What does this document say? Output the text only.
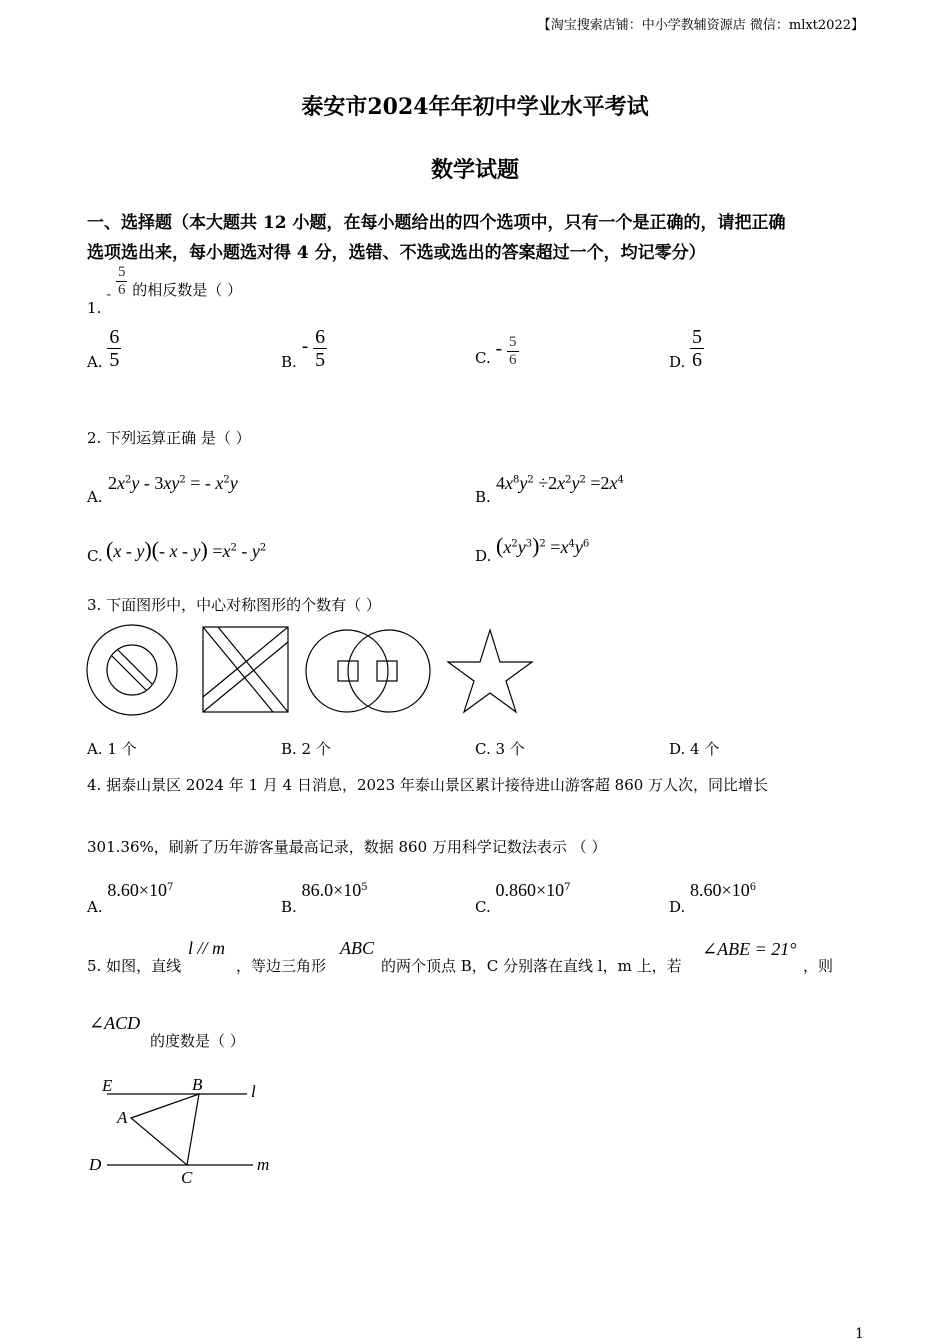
【淘宝搜索店铺：中小学教辅资源店 微信：mlxt2022】
泰安市2024年年初中学业水平考试
数学试题
一、选择题（本大题共 12 小题，在每小题给出的四个选项中，只有一个是正确的，请把正确
选项选出来，每小题选对得 4 分，选错、不选或选出的答案超过一个，均记零分）
1. - $\frac{5}{6}$ 的相反数是（ ）
A. $\frac{6}{5}$	B. - $\frac{6}{5}$	C. - $\frac{5}{6}$	D. $\frac{5}{6}$
2. 下列运算正确 是（ ）
A.
$2x^2y - 3xy^2$ = - $x^2y$
B.
$4x^8y^2 \div 2x^2y^2 =2x^4$
C. (x - y)(- $x - y) =x^2 - y^2$	D. $(x^2y^3)^2 =x^4y^6$
3. 下面图形中，中心对称图形的个数有（ ）
A. 1 个	B. 2 个	C. 3 个	D. 4 个
4. 据泰山景区 2024 年 1 月 4 日消息，2023 年泰山景区累计接待进山游客超 860 万人次，同比增长
301.36%，刷新了历年游客量最高记录，数据 860 万用科学记数法表示 （ ）
A. $8.60\times 10^7$
B. $86.0\times 10^5$
C. $0.860\times 10^7$
D. $8.60\times 10^6$
5. 如图，直线
l // m
，等边三角形
ABC
的两个顶点 B，C 分别落在直线 l，m 上，若
∠ABE = 21°
，则
∠ACD
的度数是（ ）
E	B	l
A
D
C
m
1
